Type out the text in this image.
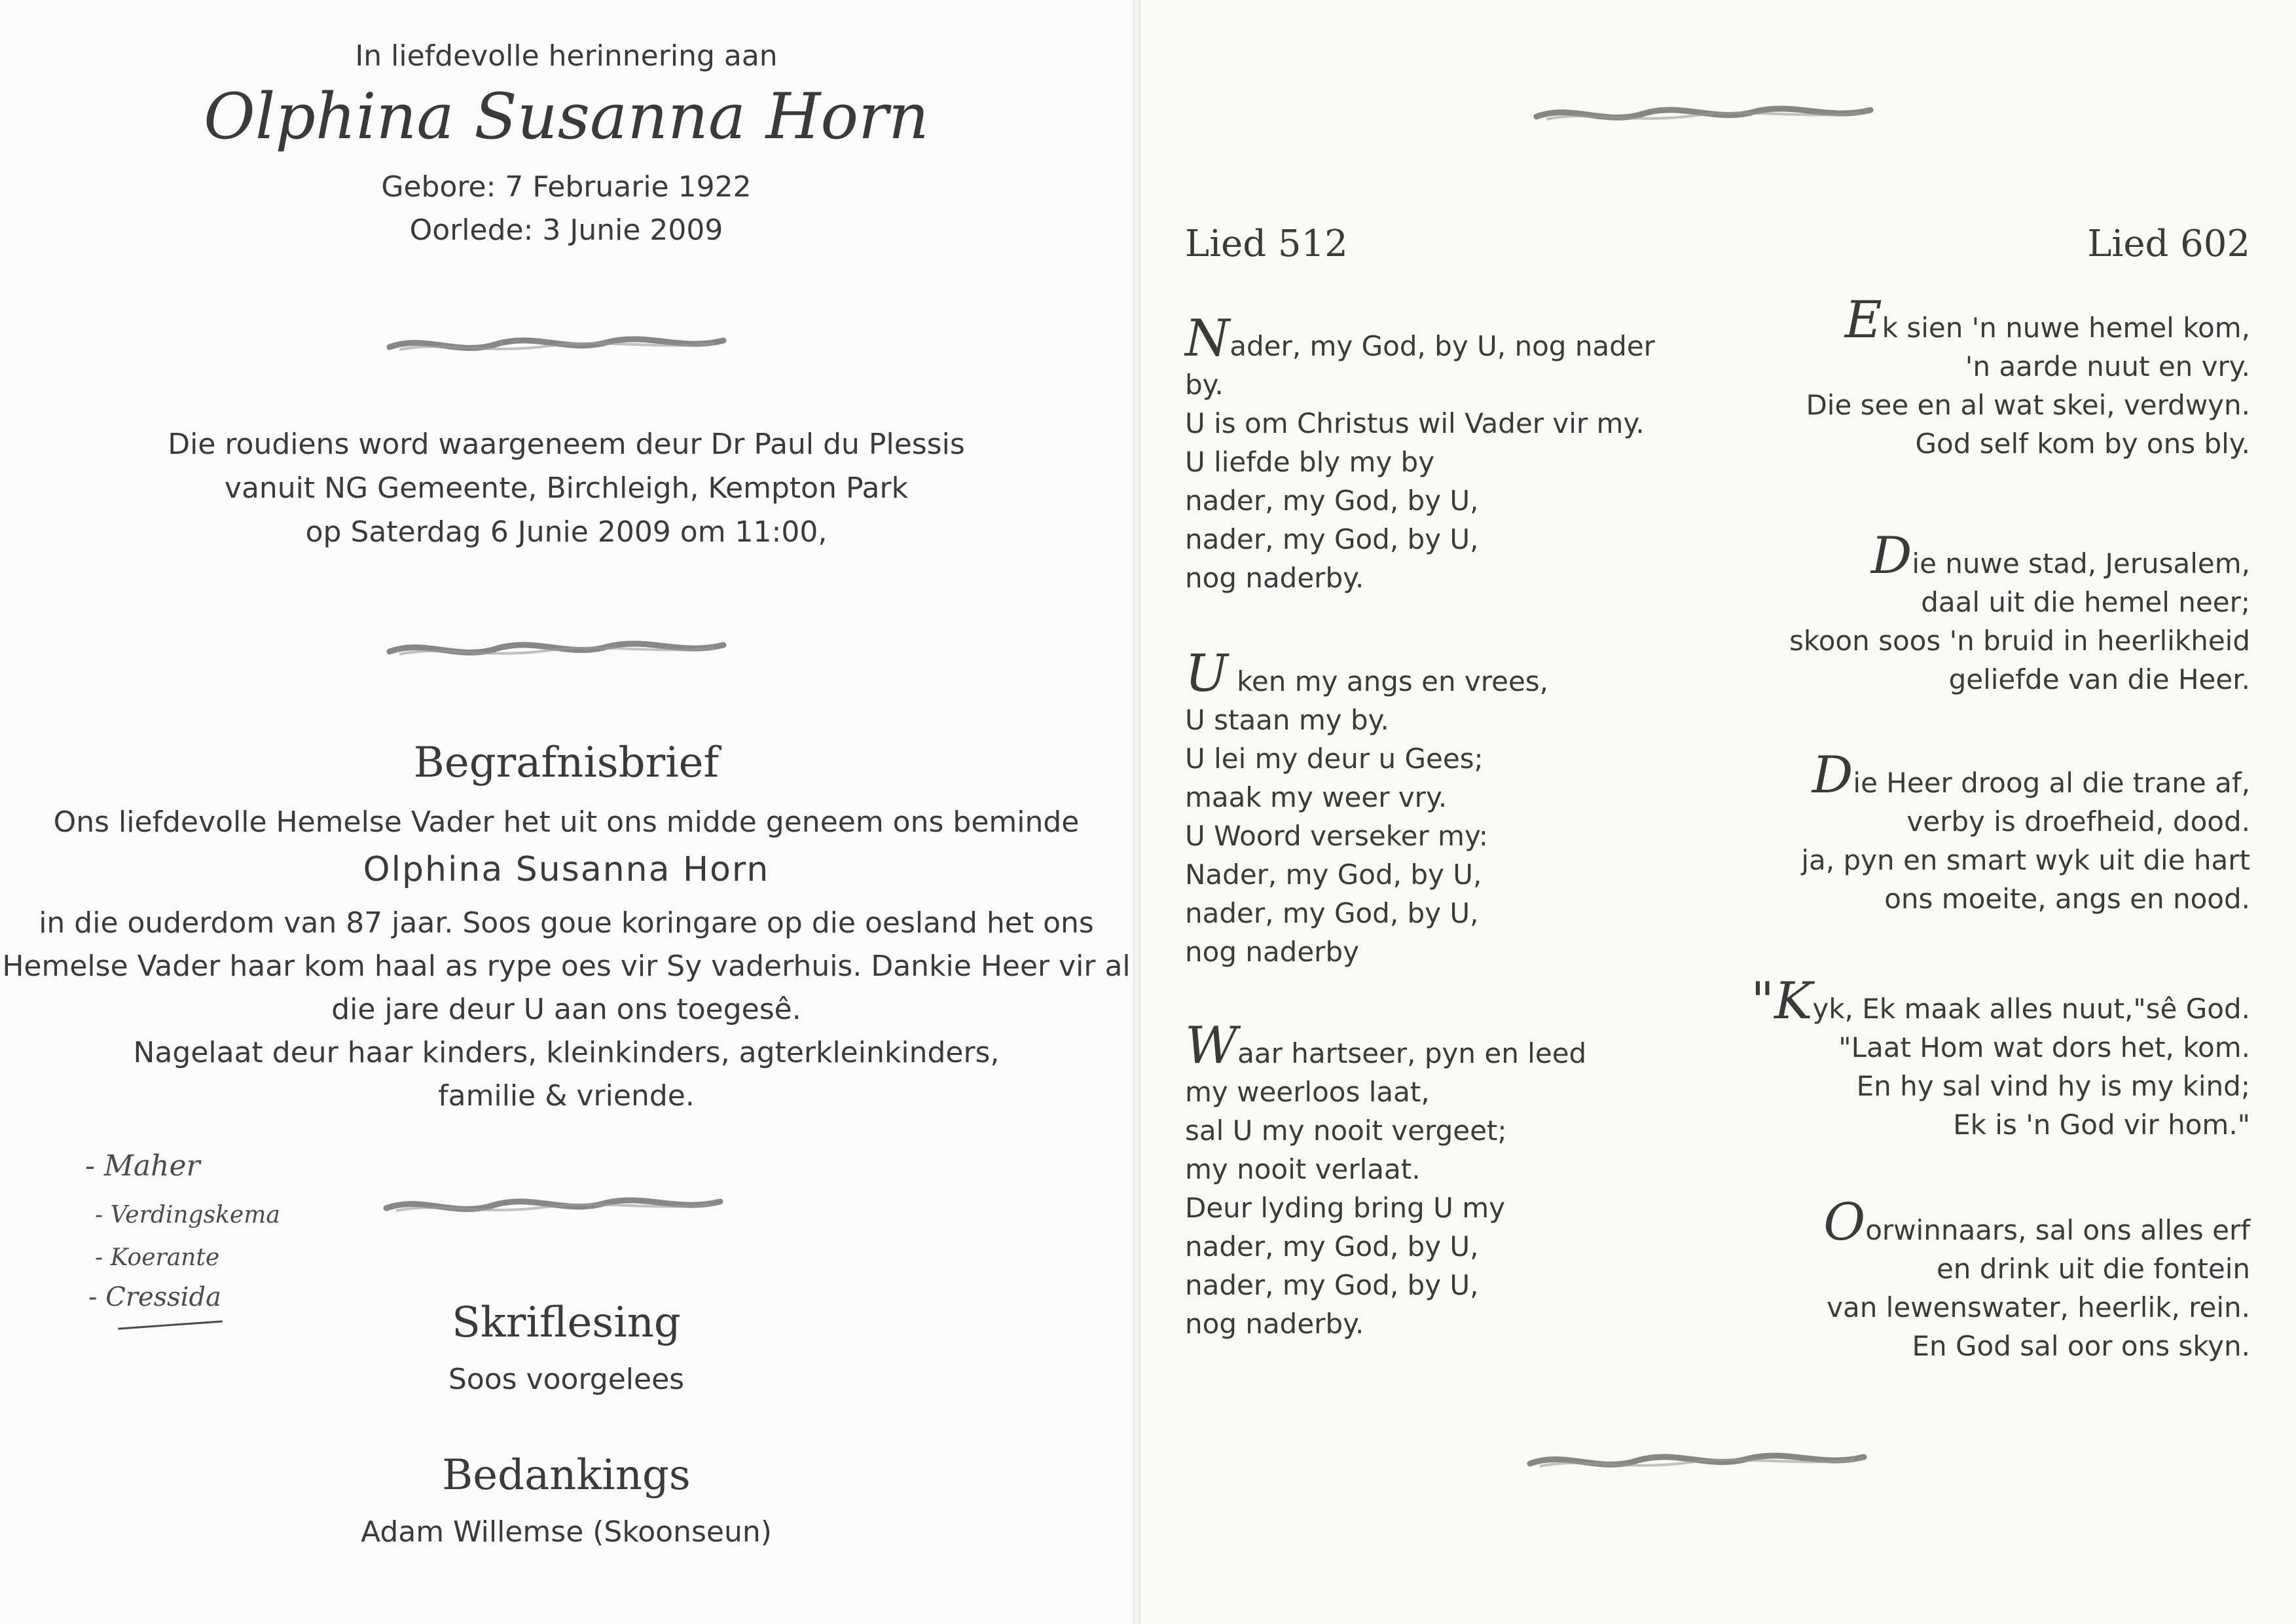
In liefdevolle herinnering aan
Olphina Susanna Horn
Gebore: 7 Februarie 1922
Oorlede: 3 Junie 2009
Die roudiens word waargeneem deur Dr Paul du Plessis
vanuit NG Gemeente, Birchleigh, Kempton Park
op Saterdag 6 Junie 2009 om 11:00,
Begrafnisbrief
Ons liefdevolle Hemelse Vader het uit ons midde geneem ons beminde
Olphina Susanna Horn
in die ouderdom van 87 jaar. Soos goue koringare op die oesland het ons
Hemelse Vader haar kom haal as rype oes vir Sy vaderhuis. Dankie Heer vir al
die jare deur U aan ons toegesê.
Nagelaat deur haar kinders, kleinkinders, agterkleinkinders,
familie & vriende.
- Maher
- Verdingskema
- Koerante
- Cressida
Skriflesing
Soos voorgelees
Bedankings
Adam Willemse (Skoonseun)
Lied 512	Lied 602
Nader, my God, by U, nog nader
by.
U is om Christus wil Vader vir my.
U liefde bly my by
nader, my God, by U,
nader, my God, by U,
nog naderby.
U ken my angs en vrees,
U staan my by.
U lei my deur u Gees;
maak my weer vry.
U Woord verseker my:
Nader, my God, by U,
nader, my God, by U,
nog naderby
Waar hartseer, pyn en leed
my weerloos laat,
sal U my nooit vergeet;
my nooit verlaat.
Deur lyding bring U my
nader, my God, by U,
nader, my God, by U,
nog naderby.
Ek sien 'n nuwe hemel kom,
'n aarde nuut en vry.
Die see en al wat skei, verdwyn.
God self kom by ons bly.
Die nuwe stad, Jerusalem,
daal uit die hemel neer;
skoon soos 'n bruid in heerlikheid
geliefde van die Heer.
Die Heer droog al die trane af,
verby is droefheid, dood.
ja, pyn en smart wyk uit die hart
ons moeite, angs en nood.
"Kyk, Ek maak alles nuut,"sê God.
"Laat Hom wat dors het, kom.
En hy sal vind hy is my kind;
Ek is 'n God vir hom."
Oorwinnaars, sal ons alles erf
en drink uit die fontein
van lewenswater, heerlik, rein.
En God sal oor ons skyn.
